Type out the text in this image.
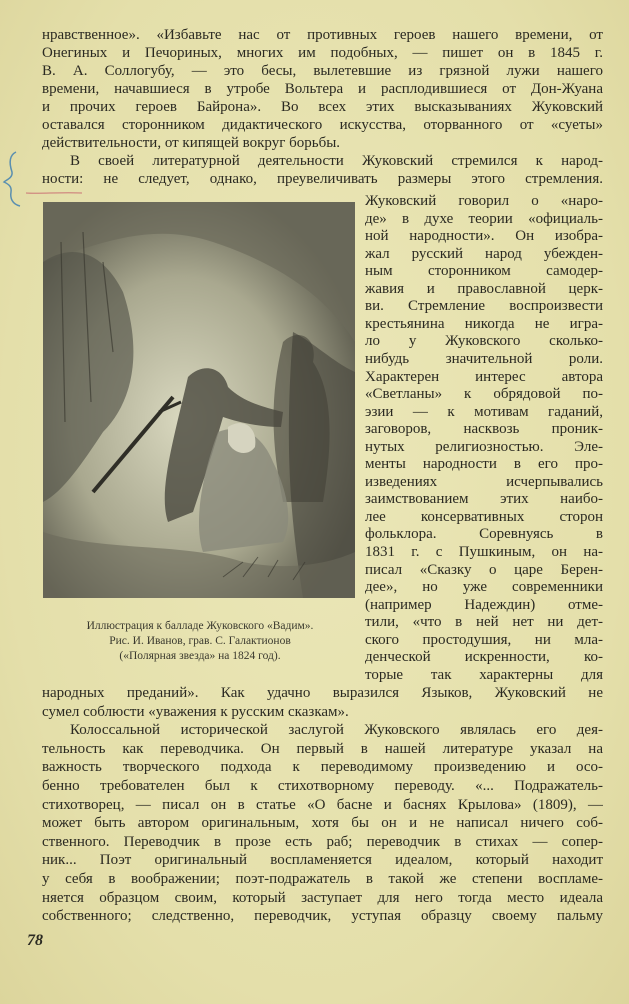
нравственное». «Избавьте нас от противных героев нашего времени, от
Онегиных и Печориных, многих им подобных, — пишет он в 1845 г.
В. А. Соллогубу, — это бесы, вылетевшие из грязной лужи нашего
времени, начавшиеся в утробе Вольтера и расплодившиеся от Дон-Жуана
и прочих героев Байрона». Во всех этих высказываниях Жуковский
оставался сторонником дидактического искусства, оторванного от «суеты»
действительности, от кипящей вокруг борьбы.
В своей литературной деятельности Жуковский стремился к народ-
ности: не следует, однако, преувеличивать размеры этого стремления.
Жуковский говорил о «наро-
де» в духе теории «официаль-
ной народности». Он изобра-
жал русский народ убежден-
ным сторонником самодер-
жавия и православной церк-
ви. Стремление воспроизвести
крестьянина никогда не игра-
ло у Жуковского сколько-
нибудь значительной роли.
Характерен интерес автора
«Светланы» к обрядовой по-
эзии — к мотивам гаданий,
заговоров, насквозь проник-
нутых религиозностью. Эле-
менты народности в его про-
изведениях исчерпывались
заимствованием этих наибо-
лее консервативных сторон
фольклора. Соревнуясь в
1831 г. с Пушкиным, он на-
писал «Сказку о царе Берен-
дее», но уже современники
(например Надеждин) отме-
тили, «что в ней нет ни дет-
ского простодушия, ни мла-
денческой искренности, ко-
торые так характерны для
народных преданий». Как удачно выразился Языков, Жуковский не
сумел соблюсти «уважения к русским сказкам».
Колоссальной исторической заслугой Жуковского являлась его дея-
тельность как переводчика. Он первый в нашей литературе указал на
важность творческого подхода к переводимому произведению и осо-
бенно требователен был к стихотворному переводу. «... Подражатель-
стихотворец, — писал он в статье «О басне и баснях Крылова» (1809), —
может быть автором оригинальным, хотя бы он и не написал ничего соб-
ственного. Переводчик в прозе есть раб; переводчик в стихах — сопер-
ник... Поэт оригинальный воспламеняется идеалом, который находит
у себя в воображении; поэт-подражатель в такой же степени воспламе-
няется образцом своим, который заступает для него тогда место идеала
собственного; следственно, переводчик, уступая образцу своему пальму
Иллюстрация к балладе Жуковского «Вадим».
Рис. И. Иванов, грав. С. Галактионов
(«Полярная звезда» на 1824 год).
78
